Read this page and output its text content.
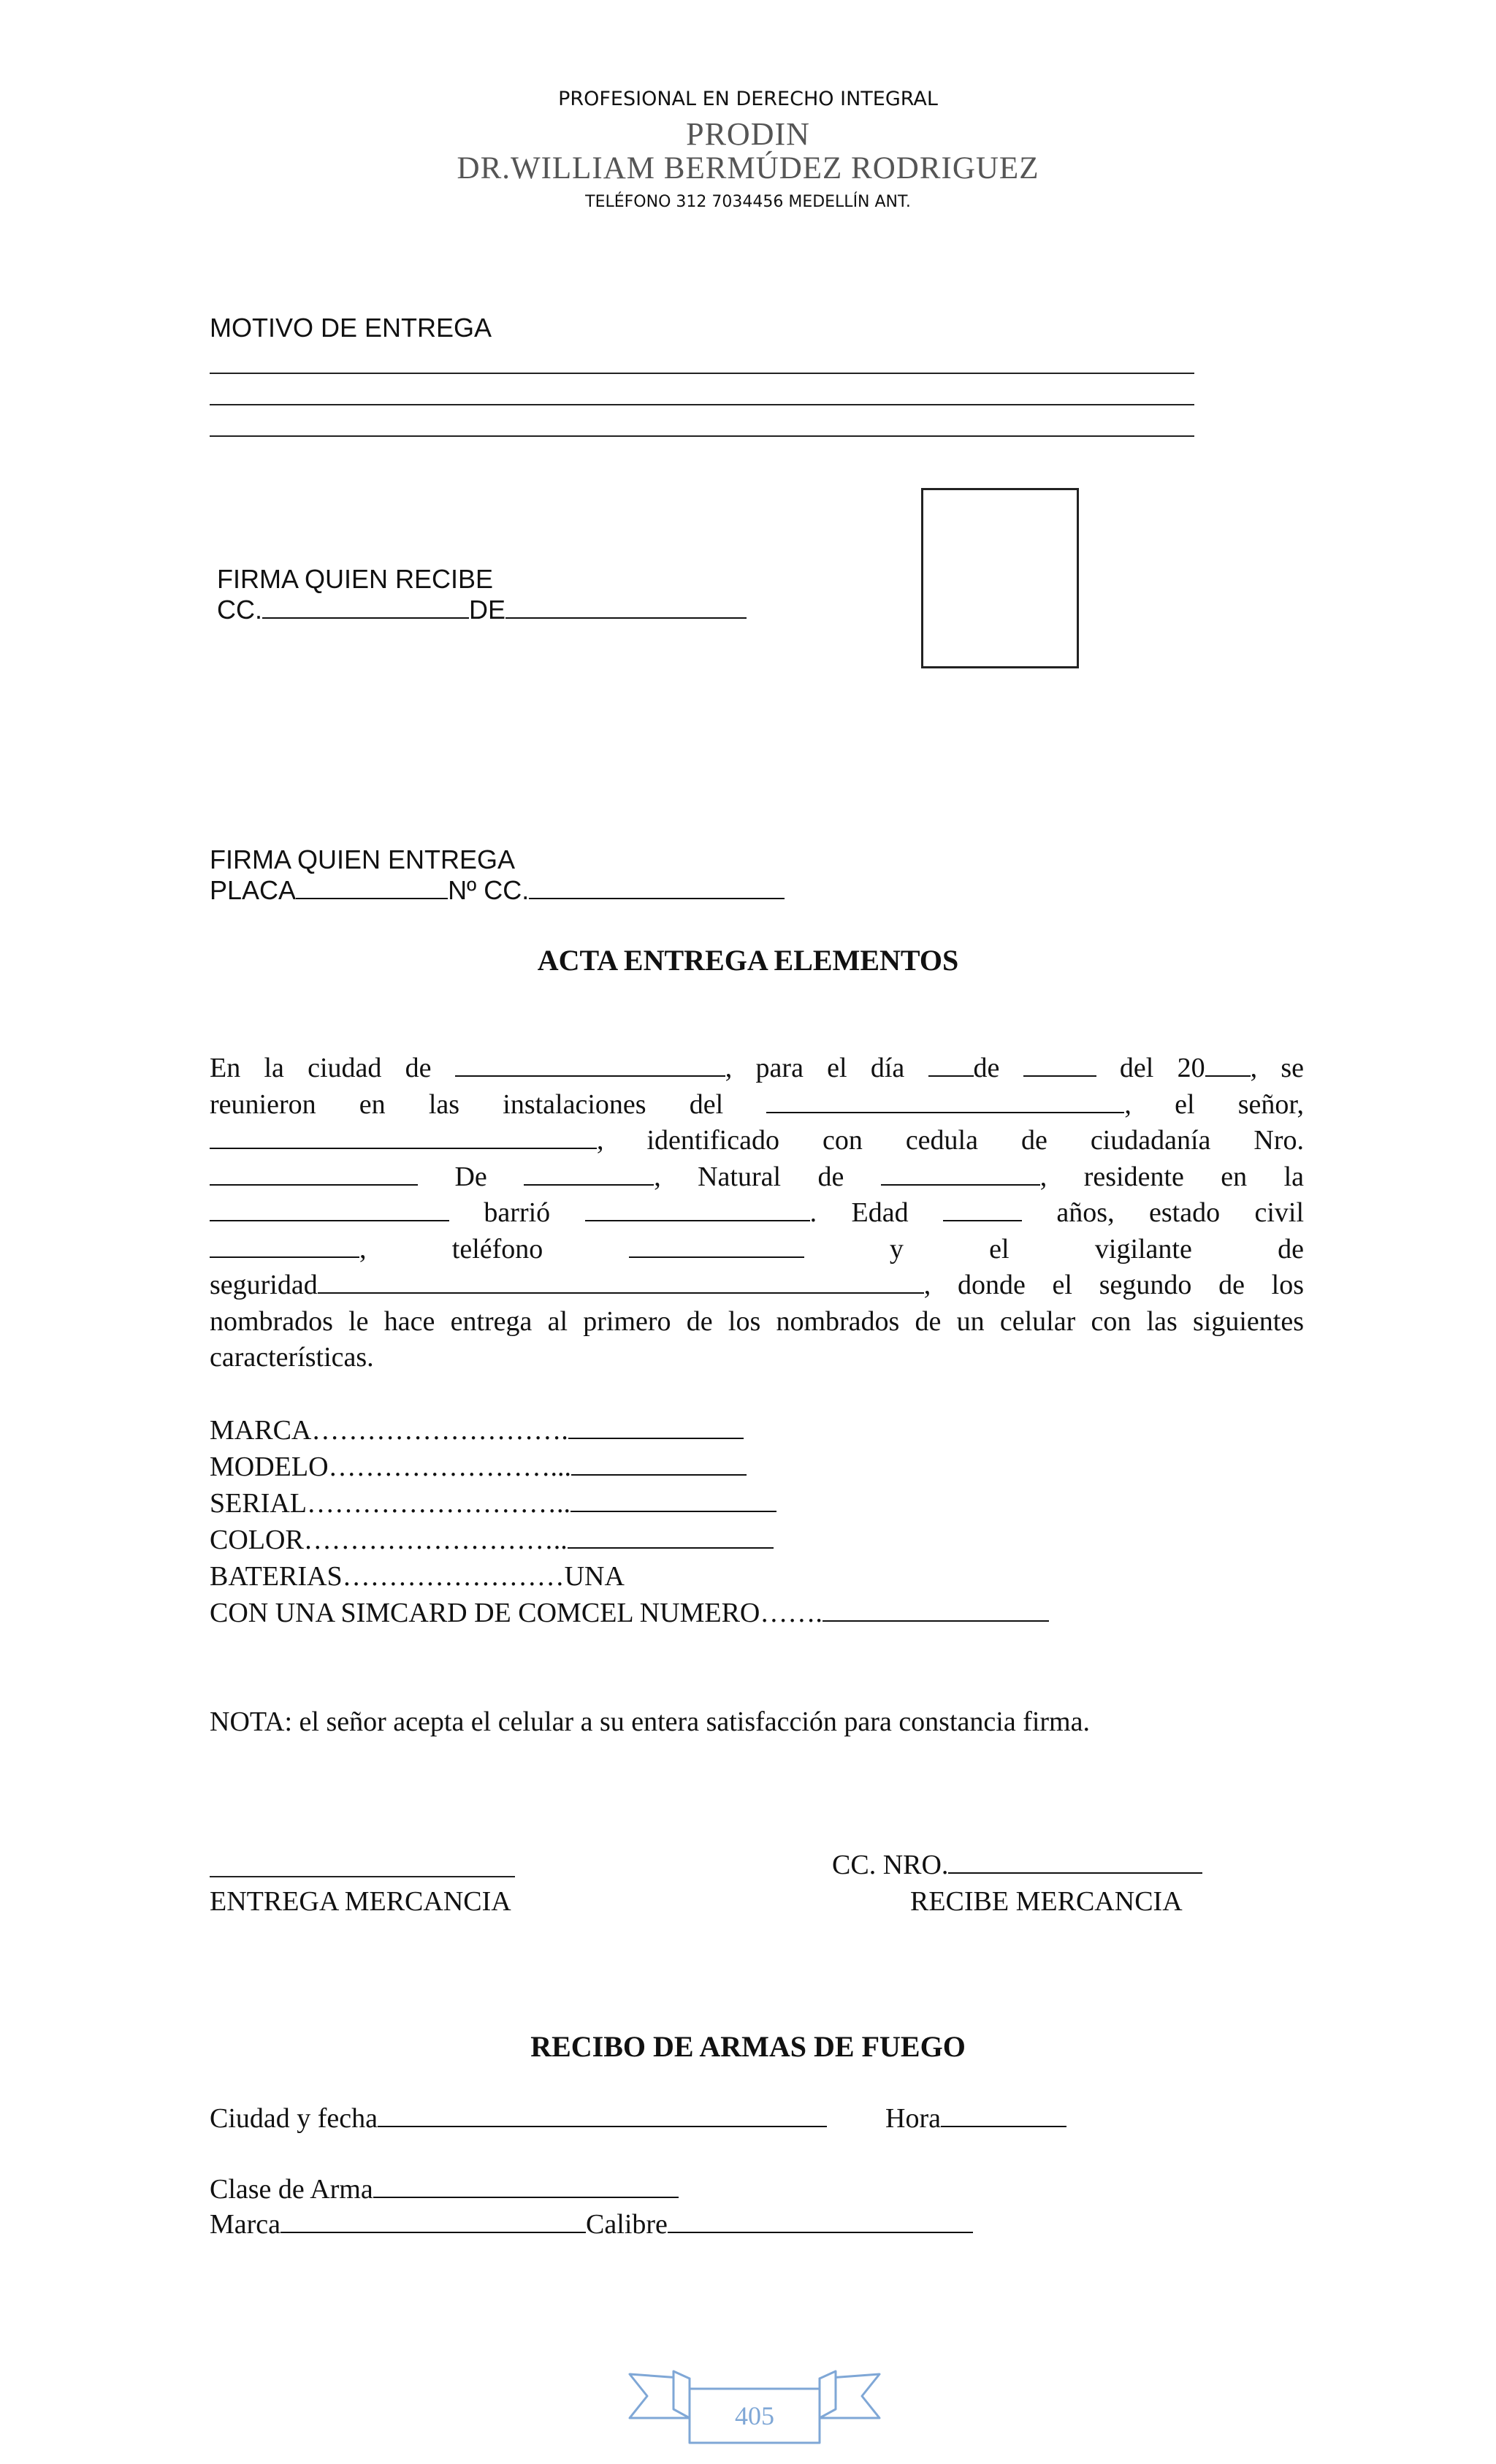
PROFESIONAL EN DERECHO INTEGRAL
PRODIN
DR.WILLIAM BERMÚDEZ RODRIGUEZ
TELÉFONO 312 7034456 MEDELLÍN ANT.
MOTIVO DE ENTREGA
FIRMA QUIEN RECIBE
CC.	DE
FIRMA QUIEN ENTREGA
PLACA	Nº CC.
ACTA ENTREGA ELEMENTOS
En la ciudad de	, para el día de	del 20 , se
reunieron en las instalaciones del	, el señor,
, identificado con cedula de ciudadanía Nro.
De	, Natural de	, residente en la
barrió	. Edad	años, estado civil
, teléfono	y el vigilante de
seguridad	, donde el segundo de los
nombrados le hace entrega al primero de los nombrados de un celular con las siguientes
características.
MARCA……………………….
MODELO……………………...
SERIAL………………………..
COLOR………………………..
BATERIAS……………………UNA
CON UNA SIMCARD DE COMCEL NUMERO…….
NOTA: el señor acepta el celular a su entera satisfacción para constancia firma.
CC. NRO.
ENTREGA MERCANCIA	RECIBE MERCANCIA
RECIBO DE ARMAS DE FUEGO
Ciudad y fecha	Hora
Clase de Arma
Marca	Calibre
405
